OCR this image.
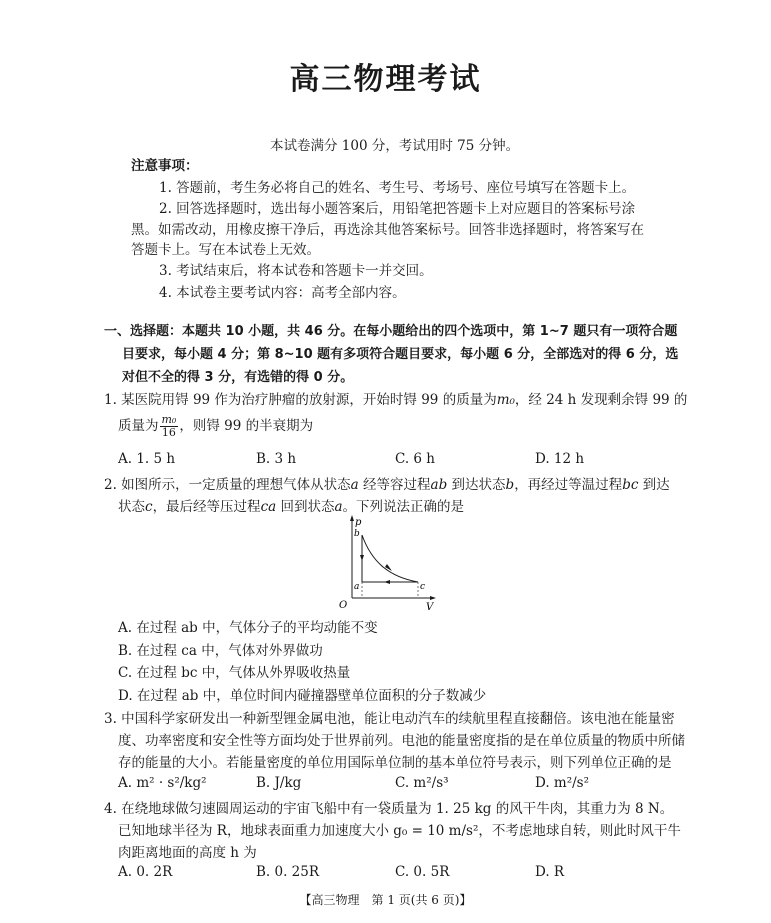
高三物理考试
本试卷满分 100 分，考试用时 75 分钟。
注意事项：
1. 答题前，考生务必将自己的姓名、考生号、考场号、座位号填写在答题卡上。
2. 回答选择题时，选出每小题答案后，用铅笔把答题卡上对应题目的答案标号涂
黑。如需改动，用橡皮擦干净后，再选涂其他答案标号。回答非选择题时，将答案写在
答题卡上。写在本试卷上无效。
3. 考试结束后，将本试卷和答题卡一并交回。
4. 本试卷主要考试内容：高考全部内容。
一、选择题：本题共 10 小题，共 46 分。在每小题给出的四个选项中，第 1~7 题只有一项符合题
目要求，每小题 4 分；第 8~10 题有多项符合题目要求，每小题 6 分，全部选对的得 6 分，选
对但不全的得 3 分，有选错的得 0 分。
1. 某医院用锝 99 作为治疗肿瘤的放射源，开始时锝 99 的质量为m₀，经 24 h 发现剩余锝 99 的
质量为 $\frac{\text{m₀}}{16}$ ，则锝 99 的半衰期为
A. 1. 5 h	B. 3 h	C. 6 h	D. 12 h
2. 如图所示，一定质量的理想气体从状态a 经等容过程ab 到达状态b，再经过等温过程bc 到达
状态c，最后经等压过程ca 回到状态a。下列说法正确的是
p
V
O
b
a	c
A. 在过程 ab 中，气体分子的平均动能不变
B. 在过程 ca 中，气体对外界做功
C. 在过程 bc 中，气体从外界吸收热量
D. 在过程 ab 中，单位时间内碰撞器壁单位面积的分子数减少
3. 中国科学家研发出一种新型锂金属电池，能让电动汽车的续航里程直接翻倍。该电池在能量密
度、功率密度和安全性等方面均处于世界前列。电池的能量密度指的是在单位质量的物质中所储
存的能量的大小。若能量密度的单位用国际单位制的基本单位符号表示，则下列单位正确的是
A. m² · s²/kg²	B. J/kg	C. m²/s³	D. m²/s²
4. 在绕地球做匀速圆周运动的宇宙飞船中有一袋质量为 1. 25 kg 的风干牛肉，其重力为 8 N。
已知地球半径为 R，地球表面重力加速度大小 g₀ = 10 m/s²，不考虑地球自转，则此时风干牛
肉距离地面的高度 h 为
A. 0. 2R	B. 0. 25R	C. 0. 5R	D. R
【高三物理　第 1 页(共 6 页)】
